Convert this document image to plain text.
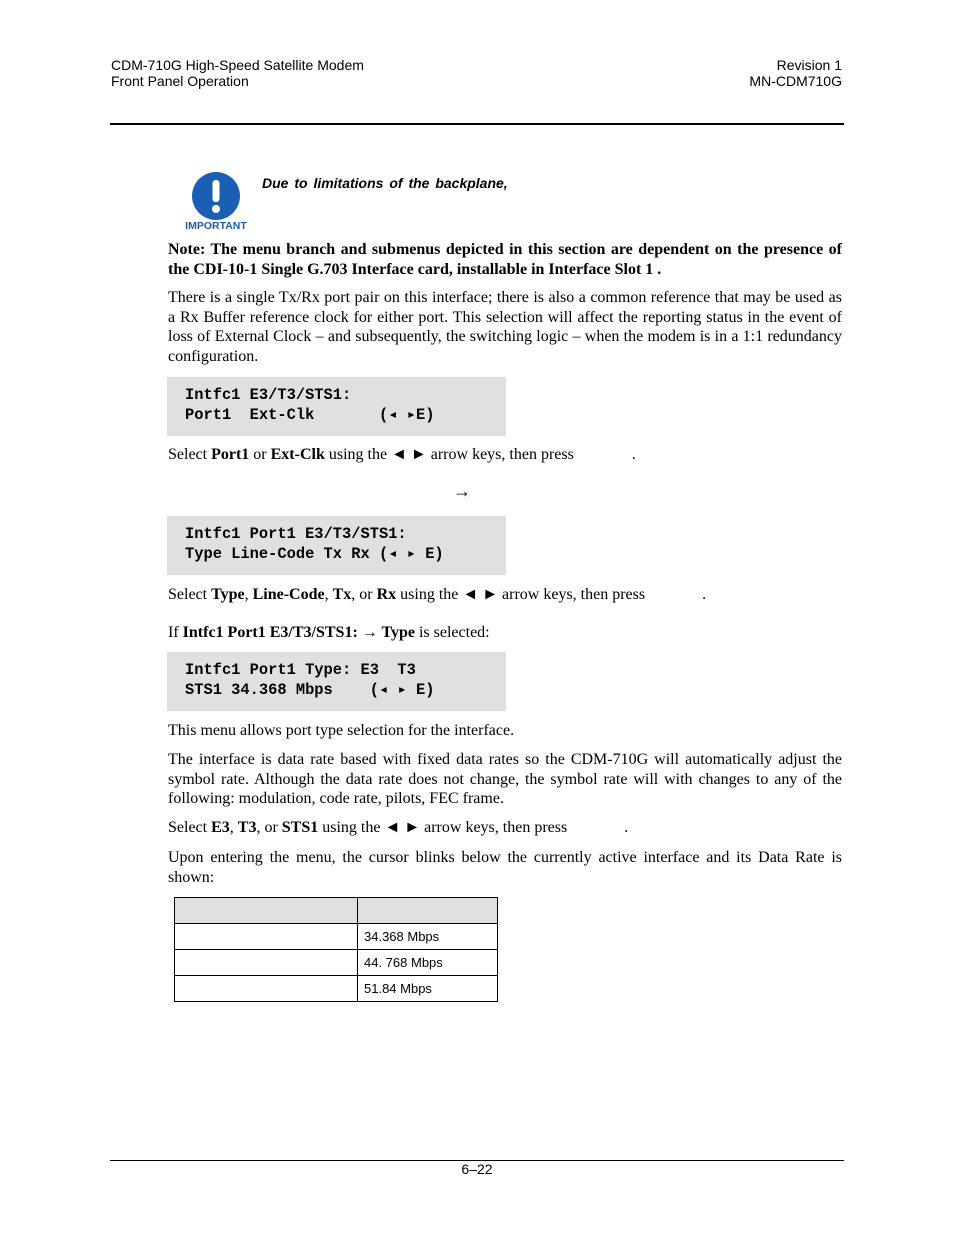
CDM-710G High-Speed Satellite Modem
Front Panel Operation
Revision 1
MN-CDM710G
IMPORTANT
Due to limitations of the backplane,
Note: The menu branch and submenus depicted in this section are dependent on the presence of the CDI-10-1 Single G.703 Interface card, installable in Interface Slot 1 .
There is a single Tx/Rx port pair on this interface; there is also a common reference that may be used as a Rx Buffer reference clock for either port. This selection will affect the reporting status in the event of loss of External Clock – and subsequently, the switching logic – when the modem is in a 1:1 redundancy configuration.
Intfc1 E3/T3/STS1:
Port1  Ext-Clk       (◂ ▸E)
Select Port1 or Ext-Clk using the ◄ ► arrow keys, then press	.
→
Intfc1 Port1 E3/T3/STS1:
Type Line-Code Tx Rx (◂ ▸ E)
Select Type, Line-Code, Tx, or Rx using the ◄ ► arrow keys, then press	.
If Intfc1 Port1 E3/T3/STS1: → Type is selected:
Intfc1 Port1 Type: E3  T3
STS1 34.368 Mbps    (◂ ▸ E)
This menu allows port type selection for the interface.
The interface is data rate based with fixed data rates so the CDM-710G will automatically adjust the symbol rate. Although the data rate does not change, the symbol rate will with changes to any of the following: modulation, code rate, pilots, FEC frame.
Select E3, T3, or STS1 using the ◄ ► arrow keys, then press	.
Upon entering the menu, the cursor blinks below the currently active interface and its Data Rate is shown:

	34.368 Mbps
	44. 768 Mbps
	51.84 Mbps
6–22
